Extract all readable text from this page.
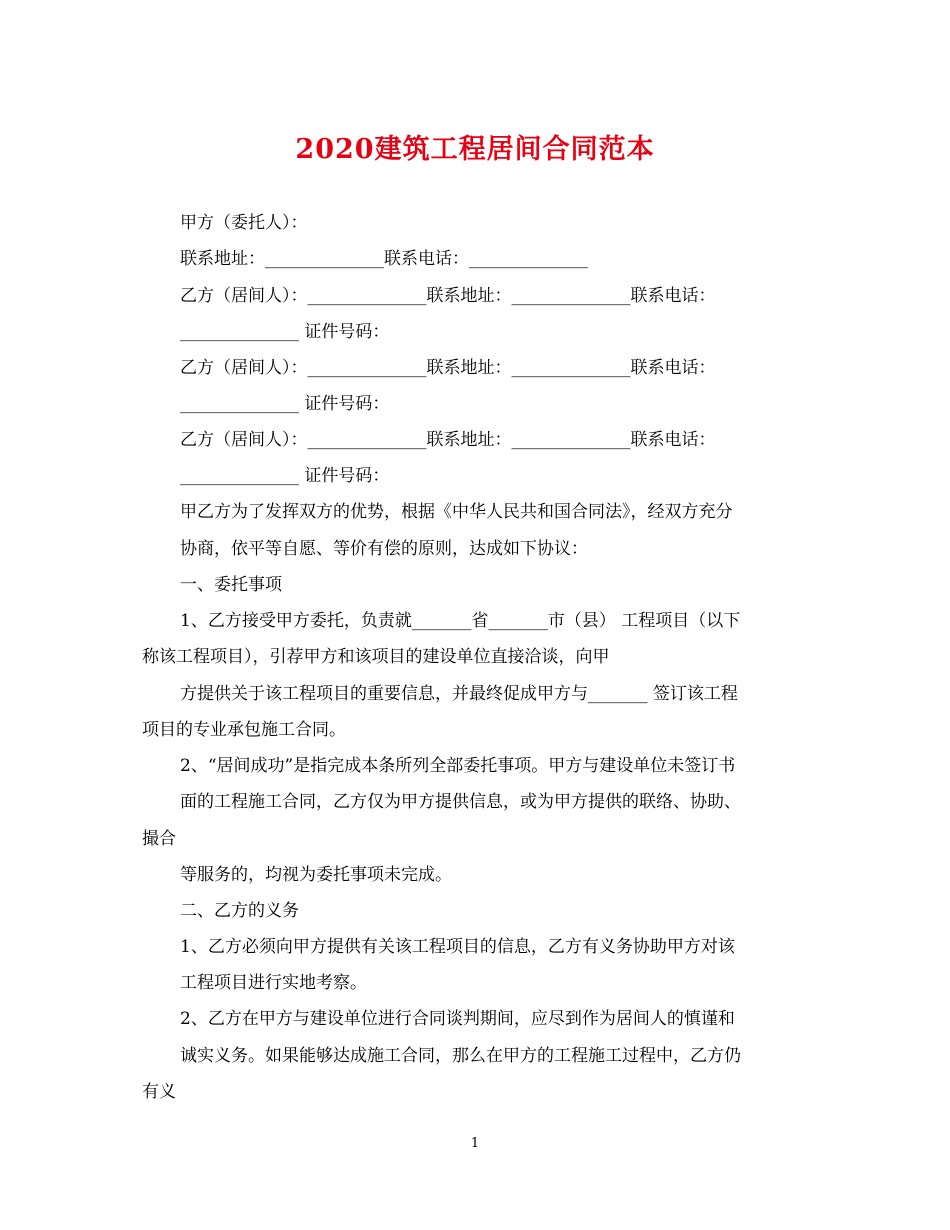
2020建筑工程居间合同范本
甲方（委托人）：
联系地址：______________联系电话：______________
乙方（居间人）：______________联系地址：______________联系电话：
______________ 证件号码：
乙方（居间人）：______________联系地址：______________联系电话：
______________ 证件号码：
乙方（居间人）：______________联系地址：______________联系电话：
______________ 证件号码：
甲乙方为了发挥双方的优势，根据《中华人民共和国合同法》，经双方充分
协商，依平等自愿、等价有偿的原则，达成如下协议：
一、委托事项
1、乙方接受甲方委托，负责就_______省_______市（县） 工程项目（以下
称该工程项目），引荐甲方和该项目的建设单位直接洽谈，向甲
方提供关于该工程项目的重要信息，并最终促成甲方与_______ 签订该工程
项目的专业承包施工合同。
2、“居间成功”是指完成本条所列全部委托事项。甲方与建设单位未签订书
面的工程施工合同，乙方仅为甲方提供信息，或为甲方提供的联络、协助、
撮合
等服务的，均视为委托事项未完成。
二、乙方的义务
1、乙方必须向甲方提供有关该工程项目的信息，乙方有义务协助甲方对该
工程项目进行实地考察。
2、乙方在甲方与建设单位进行合同谈判期间，应尽到作为居间人的慎谨和
诚实义务。如果能够达成施工合同，那么在甲方的工程施工过程中，乙方仍
有义
1
